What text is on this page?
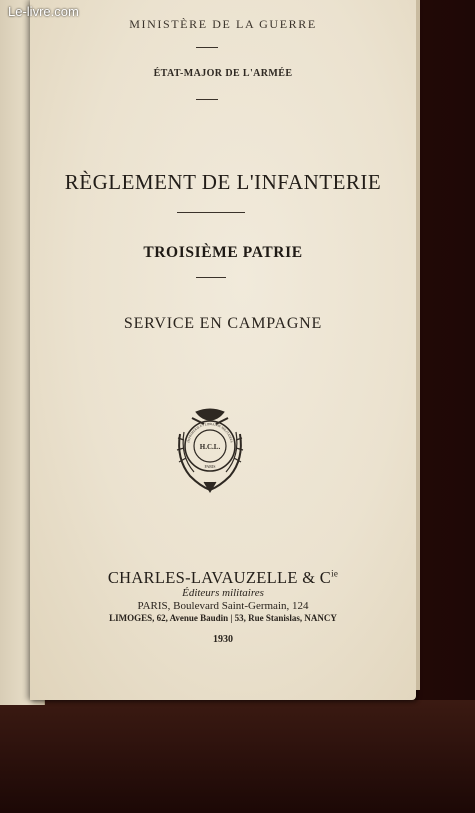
Le-livre.com
MINISTÈRE DE LA GUERRE
ÉTAT-MAJOR DE L'ARMÉE
RÈGLEMENT DE L'INFANTERIE
TROISIÈME PATRIE
SERVICE EN CAMPAGNE
H.C.L.
PARIS
IMPRIMERIE ET LIBRAIRIE MILITAIRES
CHARLES-LAVAUZELLE & $C^{ie}$
Éditeurs militaires
PARIS, Boulevard Saint-Germain, 124
LIMOGES, 62, Avenue Baudin | 53, Rue Stanislas, NANCY
1930
